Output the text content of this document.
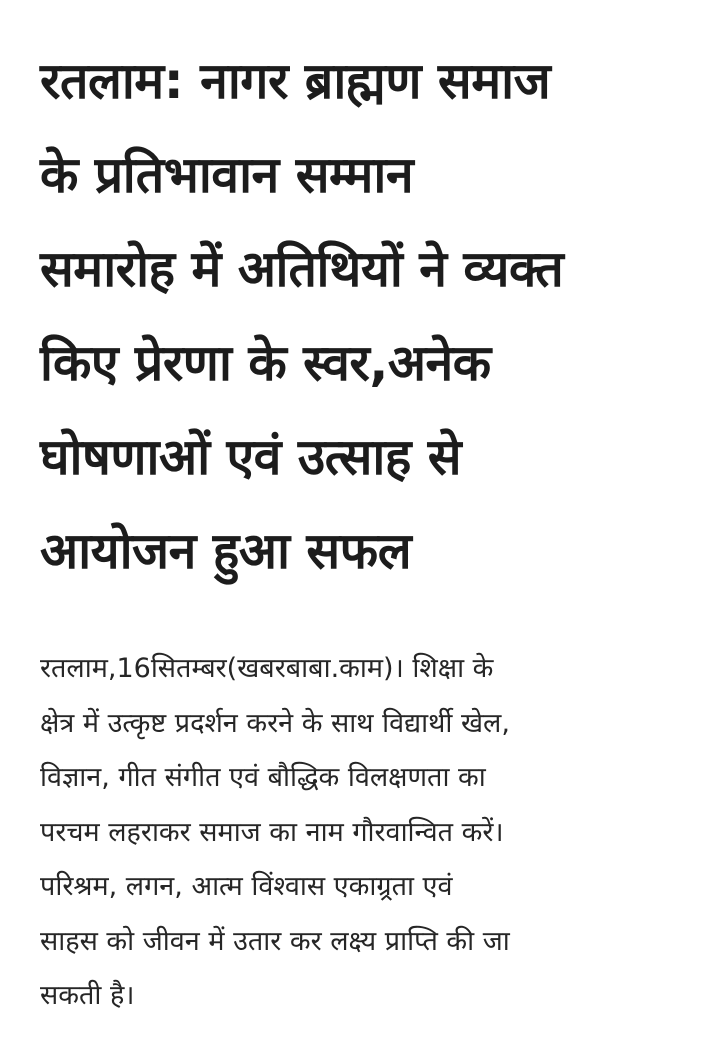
रतलाम: नागर ब्राह्मण समाज
के प्रतिभावान सम्मान
समारोह में अतिथियों ने व्यक्त
किए प्रेरणा के स्वर,अनेक
घोषणाओं एवं उत्साह से
आयोजन हुआ सफल

रतलाम,16सितम्बर(खबरबाबा.काम)। शिक्षा के
क्षेत्र में उत्कृष्ट प्रदर्शन करने के साथ विद्यार्थी खेल,
विज्ञान, गीत संगीत एवं बौद्धिक विलक्षणता का
परचम लहराकर समाज का नाम गौरवान्वित करें।
परिश्रम, लगन, आत्म विंश्वास एकाग्र्रता एवं
साहस को जीवन में उतार कर लक्ष्य प्राप्ति की जा
सकती है।
